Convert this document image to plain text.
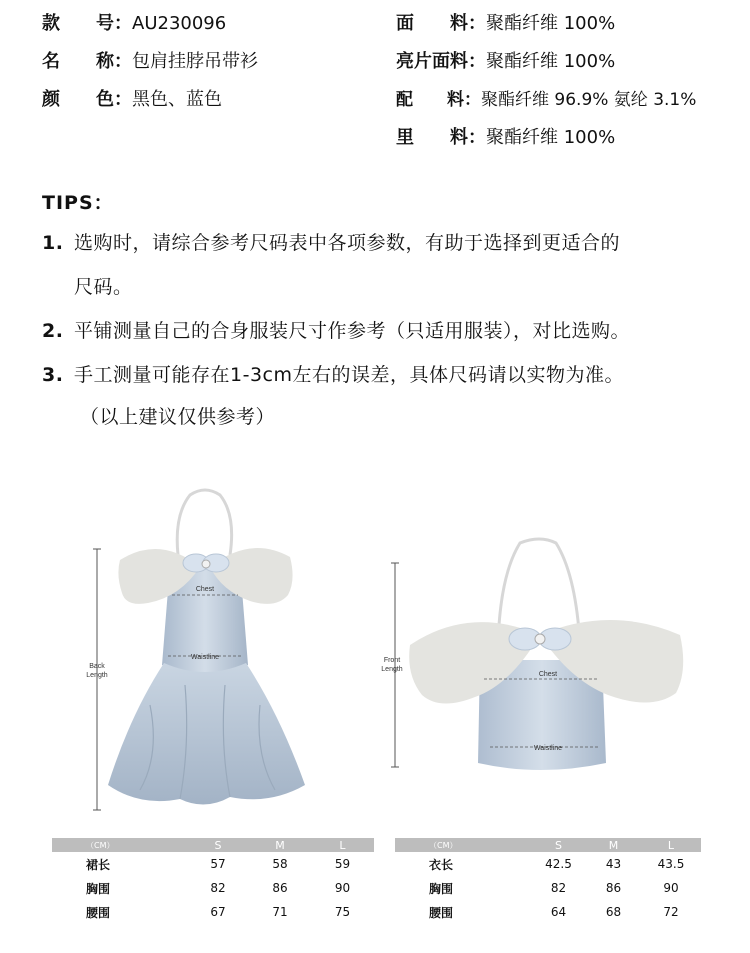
款　　号：AU230096
名　　称：包肩挂脖吊带衫
颜　　色：黑色、蓝色
面　　料：聚酯纤维 100%
亮片面料：聚酯纤维 100%
配　　料：聚酯纤维 96.9% 氨纶 3.1%
里　　料：聚酯纤维 100%
TIPS：
1. 选购时，请综合参考尺码表中各项参数，有助于选择到更适合的
尺码。
2. 平铺测量自己的合身服装尺寸作参考（只适用服装），对比选购。
3. 手工测量可能存在1-3cm左右的误差，具体尺码请以实物为准。
（以上建议仅供参考）
Chest
Waistline
Back
Length	Chest
Waistline
Front
Length
（CM）	S	M	L
裙长	57	58	59
胸围	82	86	90
腰围	67	71	75
（CM）	S	M	L
衣长	42.5	43	43.5
胸围	82	86	90
腰围	64	68	72
